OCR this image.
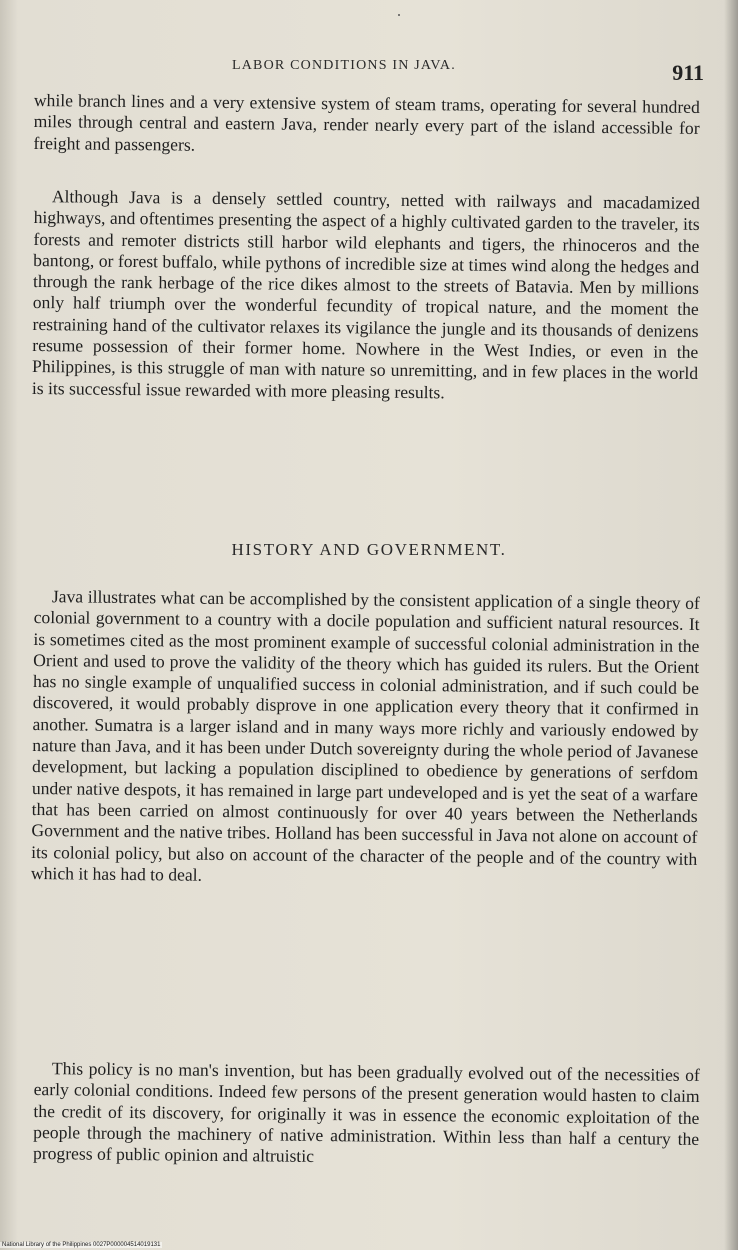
LABOR CONDITIONS IN JAVA.	911

while branch lines and a very extensive system of steam trams, operating for several hundred miles through central and eastern Java, render nearly every part of the island accessible for freight and passengers.

Although Java is a densely settled country, netted with railways and macadamized highways, and oftentimes presenting the aspect of a highly cultivated garden to the traveler, its forests and remoter districts still harbor wild elephants and tigers, the rhinoceros and the bantong, or forest buffalo, while pythons of incredible size at times wind along the hedges and through the rank herbage of the rice dikes almost to the streets of Batavia. Men by millions only half triumph over the wonderful fecundity of tropical nature, and the moment the restraining hand of the cultivator relaxes its vigilance the jungle and its thousands of denizens resume possession of their former home. Nowhere in the West Indies, or even in the Philippines, is this struggle of man with nature so unremitting, and in few places in the world is its successful issue rewarded with more pleasing results.

HISTORY AND GOVERNMENT.

Java illustrates what can be accomplished by the consistent application of a single theory of colonial government to a country with a docile population and sufficient natural resources. It is sometimes cited as the most prominent example of successful colonial administration in the Orient and used to prove the validity of the theory which has guided its rulers. But the Orient has no single example of unqualified success in colonial administration, and if such could be discovered, it would probably disprove in one application every theory that it confirmed in another. Sumatra is a larger island and in many ways more richly and variously endowed by nature than Java, and it has been under Dutch sovereignty during the whole period of Javanese development, but lacking a population disciplined to obedience by generations of serfdom under native despots, it has remained in large part undeveloped and is yet the seat of a warfare that has been carried on almost continuously for over 40 years between the Netherlands Government and the native tribes. Holland has been successful in Java not alone on account of its colonial policy, but also on account of the character of the people and of the country with which it has had to deal.

This policy is no man's invention, but has been gradually evolved out of the necessities of early colonial conditions. Indeed few persons of the present generation would hasten to claim the credit of its discovery, for originally it was in essence the economic exploitation of the people through the machinery of native administration. Within less than half a century the progress of public opinion and altruistic

National Library of the Philippines 0027P000004514019131
